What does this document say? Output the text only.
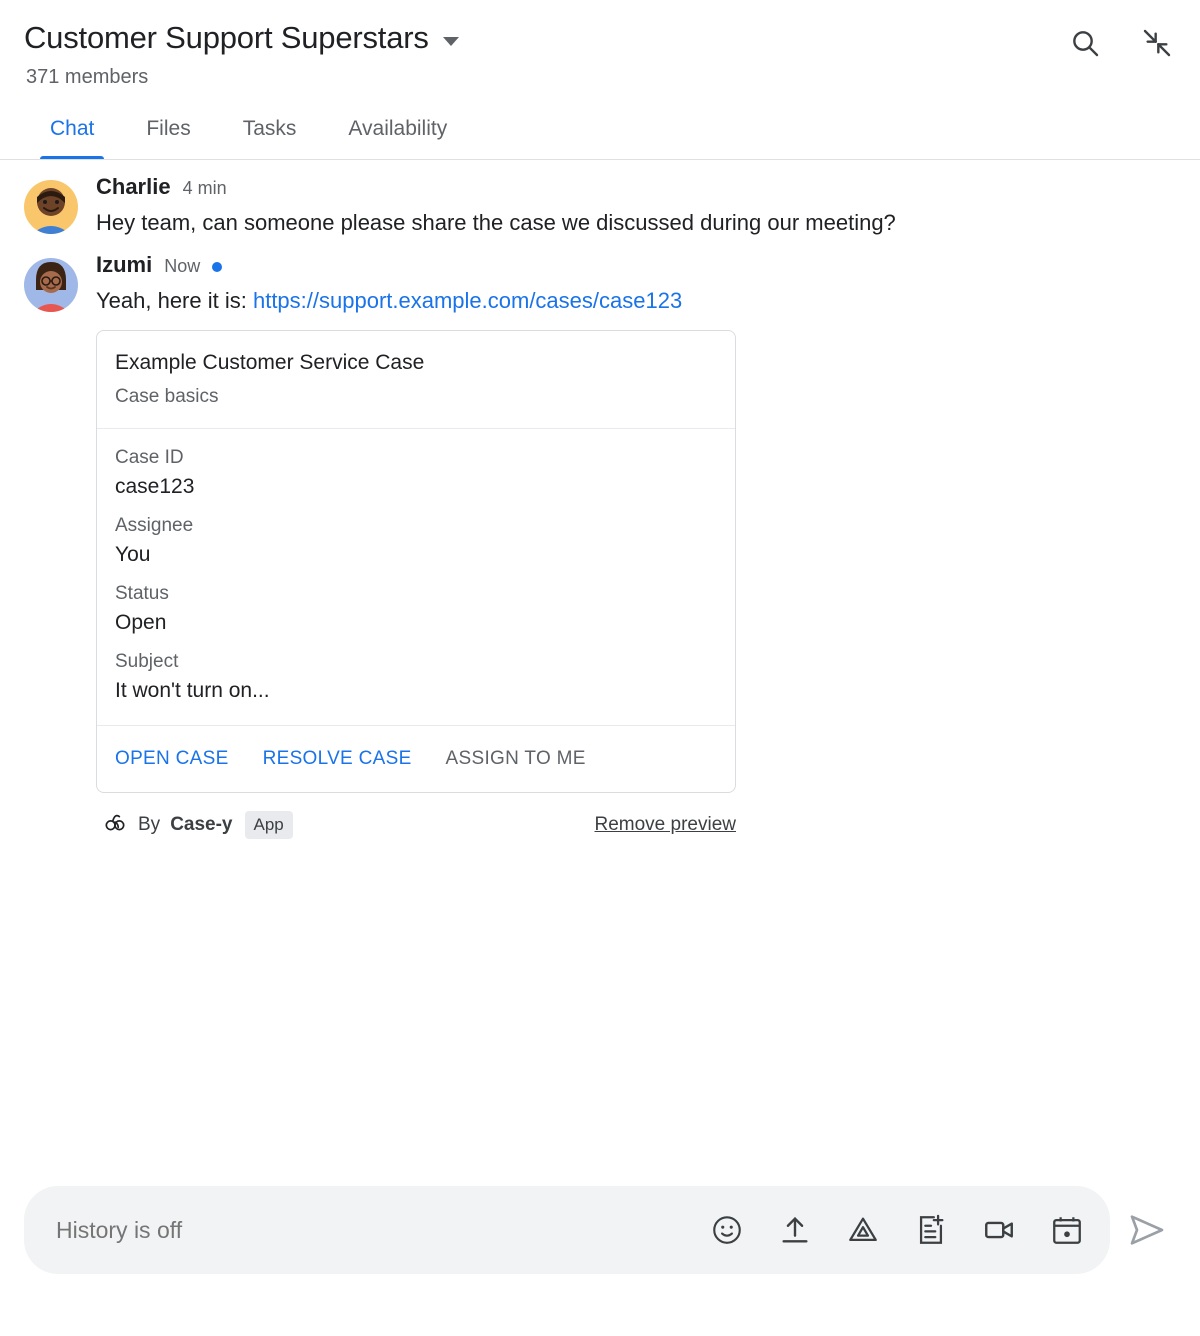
Customer Support Superstars
371 members
Chat	Files	Tasks	Availability
Charlie 4 min
Hey team, can someone please share the case we discussed during our meeting?
Izumi Now
Yeah, here it is: https://support.example.com/cases/case123
Example Customer Service Case
Case basics
Case ID
case123
Assignee
You
Status
Open
Subject
It won't turn on...
OPEN CASE RESOLVE CASE ASSIGN TO ME
By Case-y	App	Remove preview
History is off
